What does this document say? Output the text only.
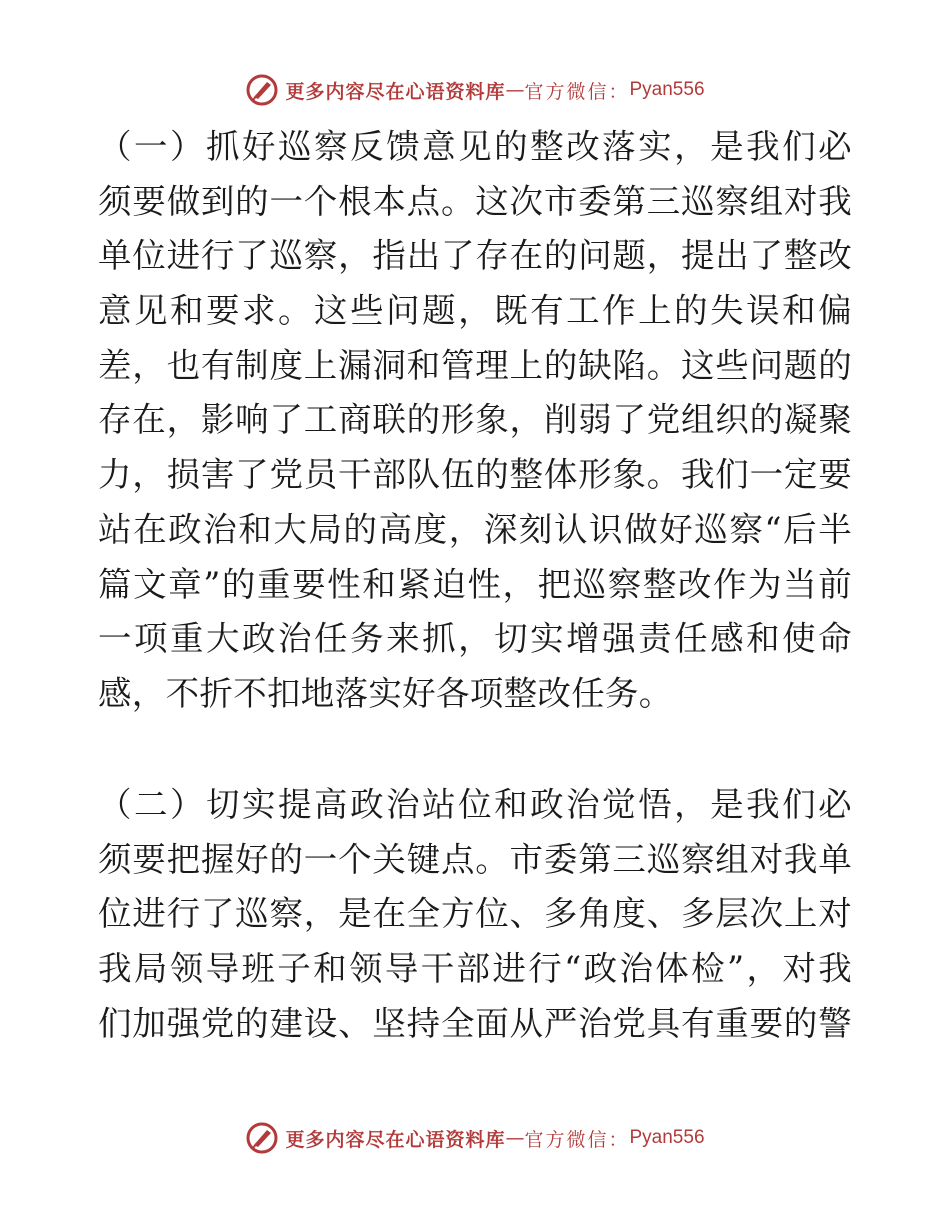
更多内容尽在心语资料库 — 官方微信： Pyan556
（一）抓好巡察反馈意见的整改落实，是我们必
须要做到的一个根本点。这次市委第三巡察组对我
单位进行了巡察，指出了存在的问题，提出了整改
意见和要求。这些问题，既有工作上的失误和偏
差，也有制度上漏洞和管理上的缺陷。这些问题的
存在，影响了工商联的形象，削弱了党组织的凝聚
力，损害了党员干部队伍的整体形象。我们一定要
站在政治和大局的高度，深刻认识做好巡察“后半
篇文章”的重要性和紧迫性，把巡察整改作为当前
一项重大政治任务来抓，切实增强责任感和使命
感，不折不扣地落实好各项整改任务。
（二）切实提高政治站位和政治觉悟，是我们必
须要把握好的一个关键点。市委第三巡察组对我单
位进行了巡察，是在全方位、多角度、多层次上对
我局领导班子和领导干部进行“政治体检”，对我
们加强党的建设、坚持全面从严治党具有重要的警
更多内容尽在心语资料库 — 官方微信： Pyan556
